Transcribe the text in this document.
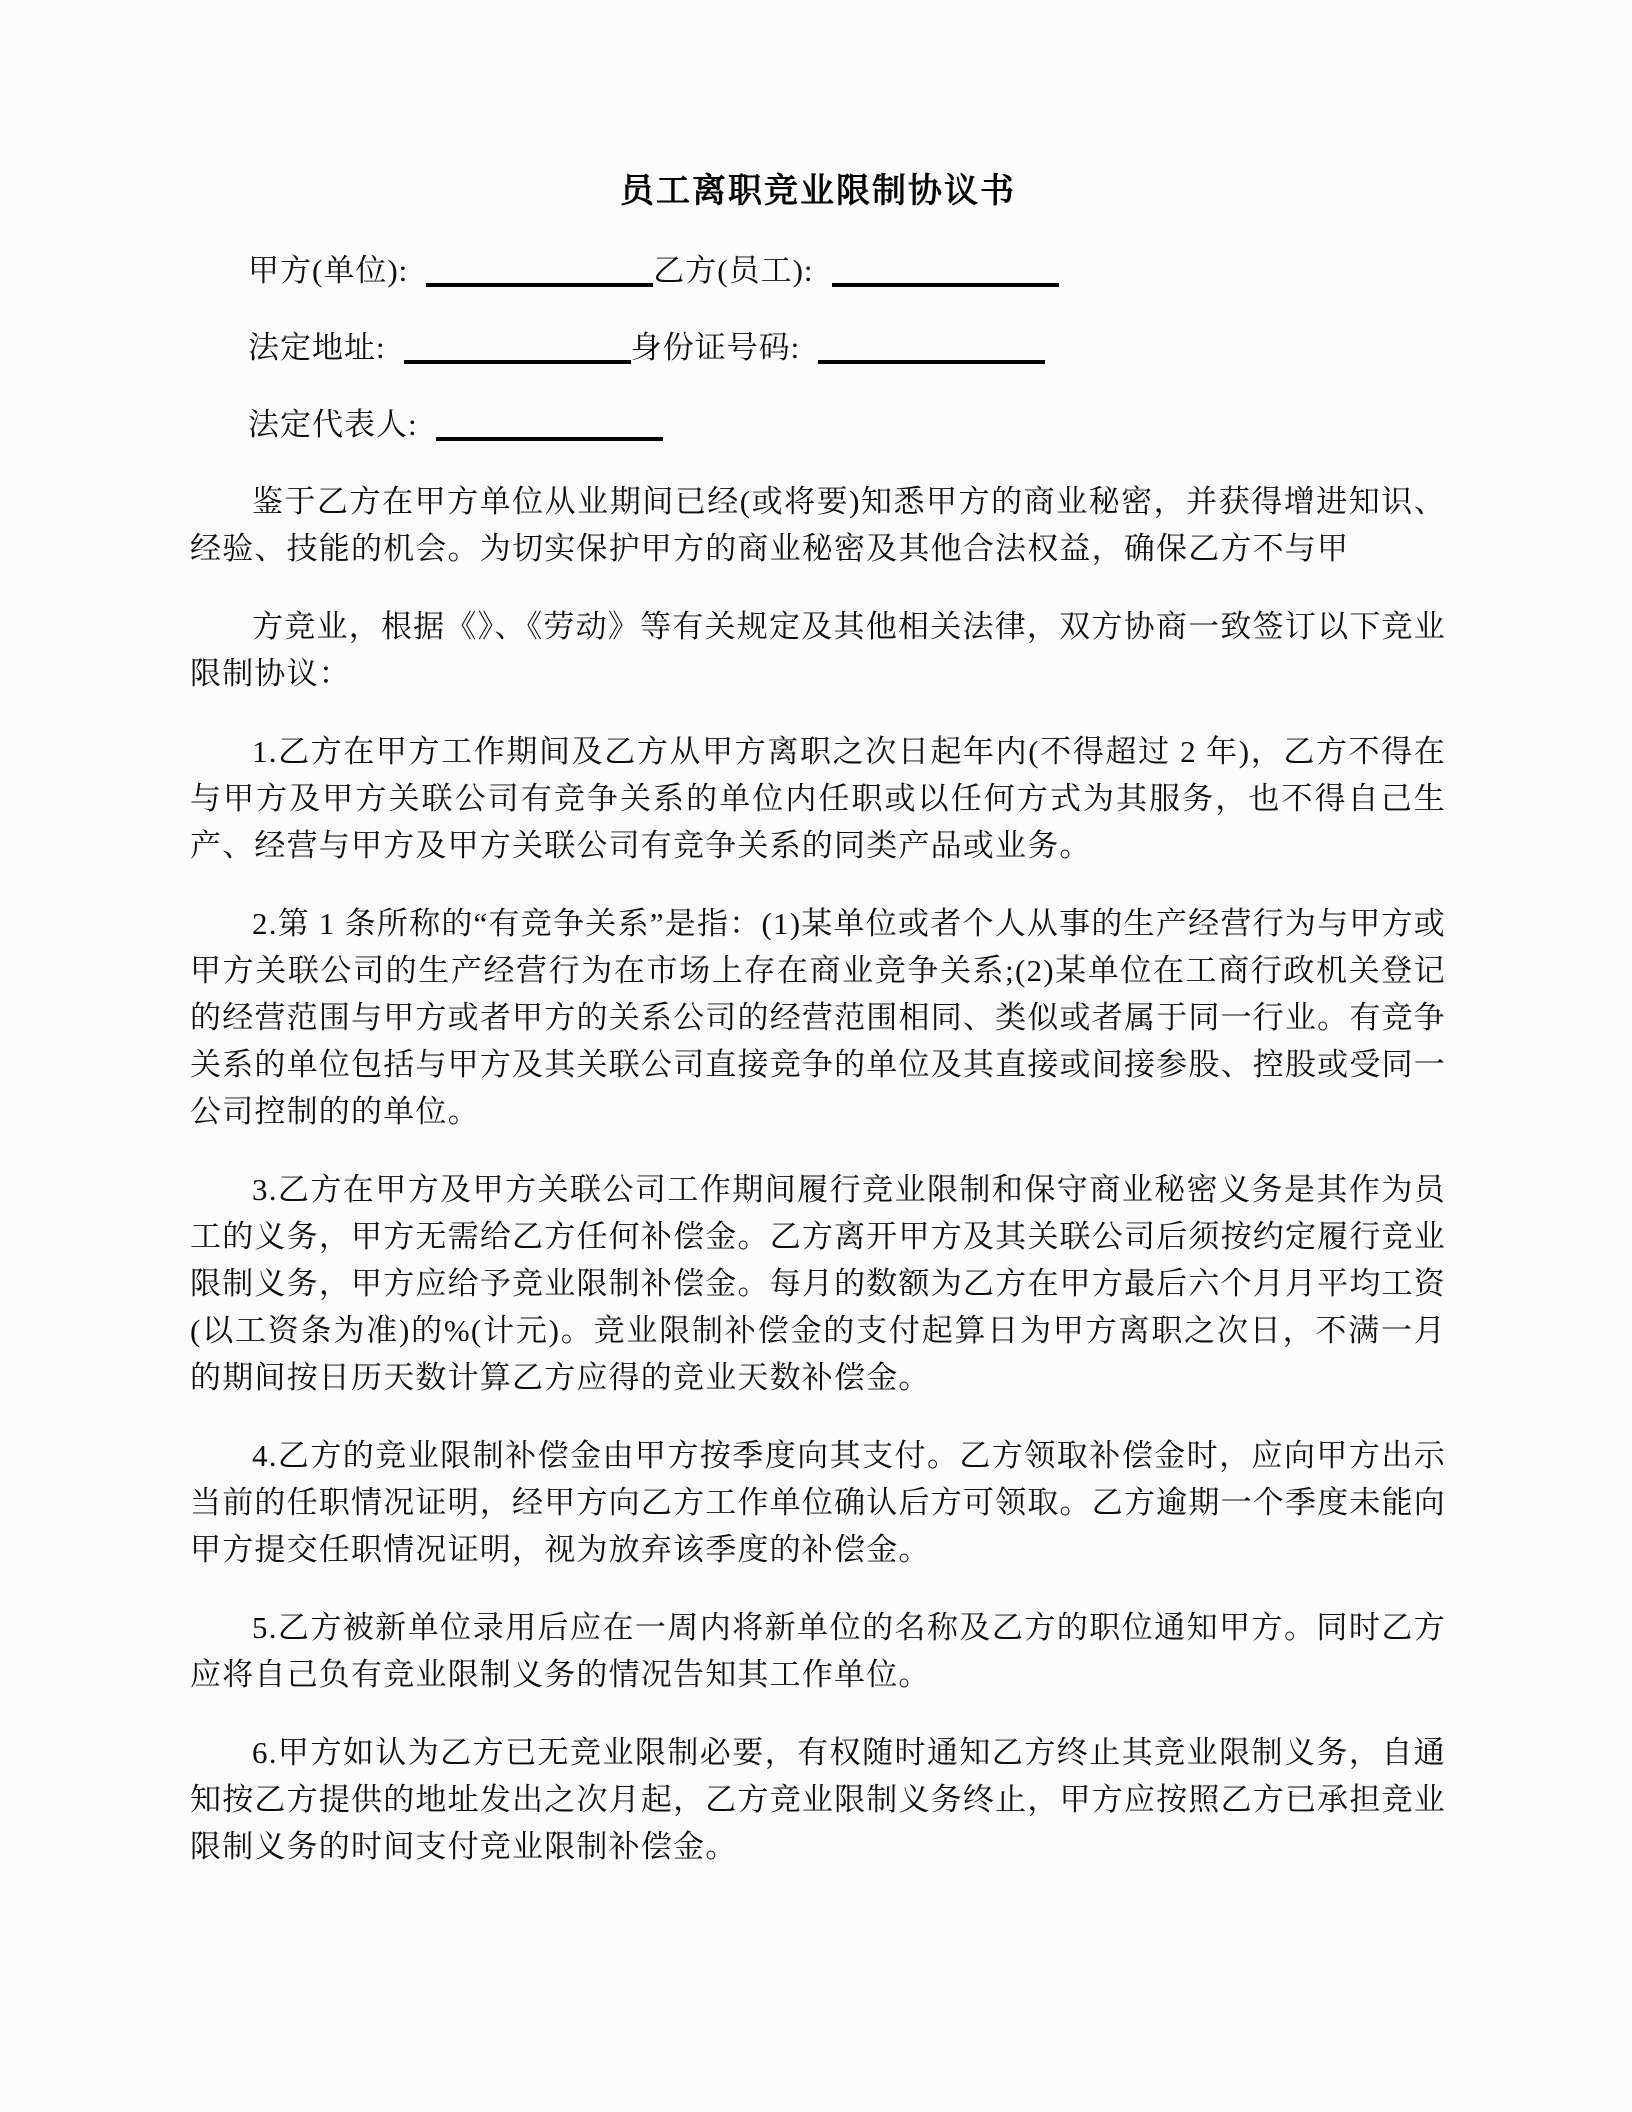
员工离职竞业限制协议书
甲方(单位):	乙方(员工):
法定地址:	身份证号码:
法定代表人:

鉴于乙方在甲方单位从业期间已经(或将要)知悉甲方的商业秘密，并获得增进知识、经验、技能的机会。为切实保护甲方的商业秘密及其他合法权益，确保乙方不与甲

方竞业，根据《》、《劳动》等有关规定及其他相关法律，双方协商一致签订以下竞业限制协议：

1.乙方在甲方工作期间及乙方从甲方离职之次日起年内(不得超过 2 年)，乙方不得在与甲方及甲方关联公司有竞争关系的单位内任职或以任何方式为其服务，也不得自己生产、经营与甲方及甲方关联公司有竞争关系的同类产品或业务。

2.第 1 条所称的“有竞争关系”是指：(1)某单位或者个人从事的生产经营行为与甲方或甲方关联公司的生产经营行为在市场上存在商业竞争关系;(2)某单位在工商行政机关登记的经营范围与甲方或者甲方的关系公司的经营范围相同、类似或者属于同一行业。有竞争关系的单位包括与甲方及其关联公司直接竞争的单位及其直接或间接参股、控股或受同一公司控制的的单位。

3.乙方在甲方及甲方关联公司工作期间履行竞业限制和保守商业秘密义务是其作为员工的义务，甲方无需给乙方任何补偿金。乙方离开甲方及其关联公司后须按约定履行竞业限制义务，甲方应给予竞业限制补偿金。每月的数额为乙方在甲方最后六个月月平均工资(以工资条为准)的%(计元)。竞业限制补偿金的支付起算日为甲方离职之次日，不满一月的期间按日历天数计算乙方应得的竞业天数补偿金。

4.乙方的竞业限制补偿金由甲方按季度向其支付。乙方领取补偿金时，应向甲方出示当前的任职情况证明，经甲方向乙方工作单位确认后方可领取。乙方逾期一个季度未能向甲方提交任职情况证明，视为放弃该季度的补偿金。

5.乙方被新单位录用后应在一周内将新单位的名称及乙方的职位通知甲方。同时乙方应将自己负有竞业限制义务的情况告知其工作单位。

6.甲方如认为乙方已无竞业限制必要，有权随时通知乙方终止其竞业限制义务，自通知按乙方提供的地址发出之次月起，乙方竞业限制义务终止，甲方应按照乙方已承担竞业限制义务的时间支付竞业限制补偿金。
